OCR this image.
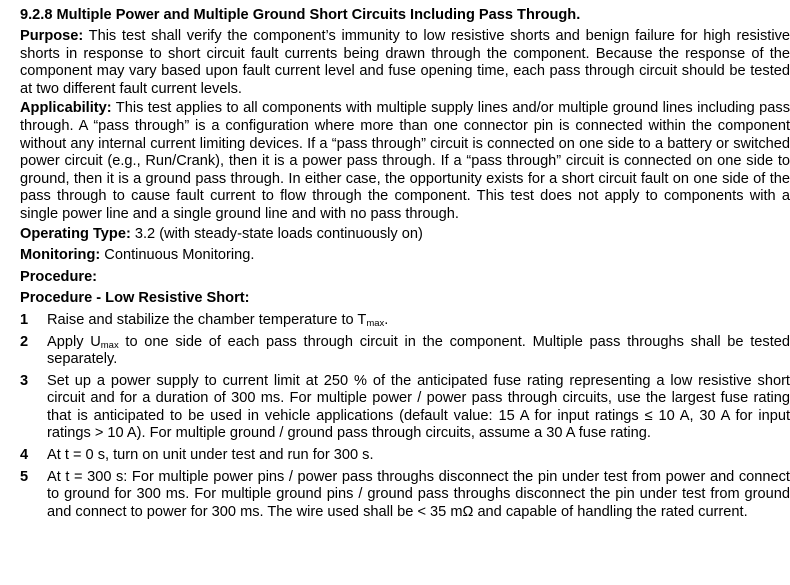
9.2.8 Multiple Power and Multiple Ground Short Circuits Including Pass Through.

Purpose: This test shall verify the component’s immunity to low resistive shorts and benign failure for high resistive shorts in response to short circuit fault currents being drawn through the component. Because the response of the component may vary based upon fault current level and fuse opening time, each pass through circuit should be tested at two different fault current levels.

Applicability: This test applies to all components with multiple supply lines and/or multiple ground lines including pass through. A “pass through” is a configuration where more than one connector pin is connected within the component without any internal current limiting devices. If a “pass through” circuit is connected on one side to a battery or switched power circuit (e.g., Run/Crank), then it is a power pass through. If a “pass through” circuit is connected on one side to ground, then it is a ground pass through. In either case, the opportunity exists for a short circuit fault on one side of the pass through to cause fault current to flow through the component. This test does not apply to components with a single power line and a single ground line and with no pass through.

Operating Type: 3.2 (with steady-state loads continuously on)
Monitoring: Continuous Monitoring.
Procedure:
Procedure - Low Resistive Short:
1	Raise and stabilize the chamber temperature to $T_{max}$.
2	Apply $U_{max}$ to one side of each pass through circuit in the component. Multiple pass throughs shall be tested separately.
3	Set up a power supply to current limit at 250 % of the anticipated fuse rating representing a low resistive short circuit and for a duration of 300 ms. For multiple power / power pass through circuits, use the largest fuse rating that is anticipated to be used in vehicle applications (default value: 15 A for input ratings ≤ 10 A, 30 A for input ratings > 10 A). For multiple ground / ground pass through circuits, assume a 30 A fuse rating.
4	At t = 0 s, turn on unit under test and run for 300 s.
5	At t = 300 s: For multiple power pins / power pass throughs disconnect the pin under test from power and connect to ground for 300 ms. For multiple ground pins / ground pass throughs disconnect the pin under test from ground and connect to power for 300 ms. The wire used shall be < 35 mΩ and capable of handling the rated current.
